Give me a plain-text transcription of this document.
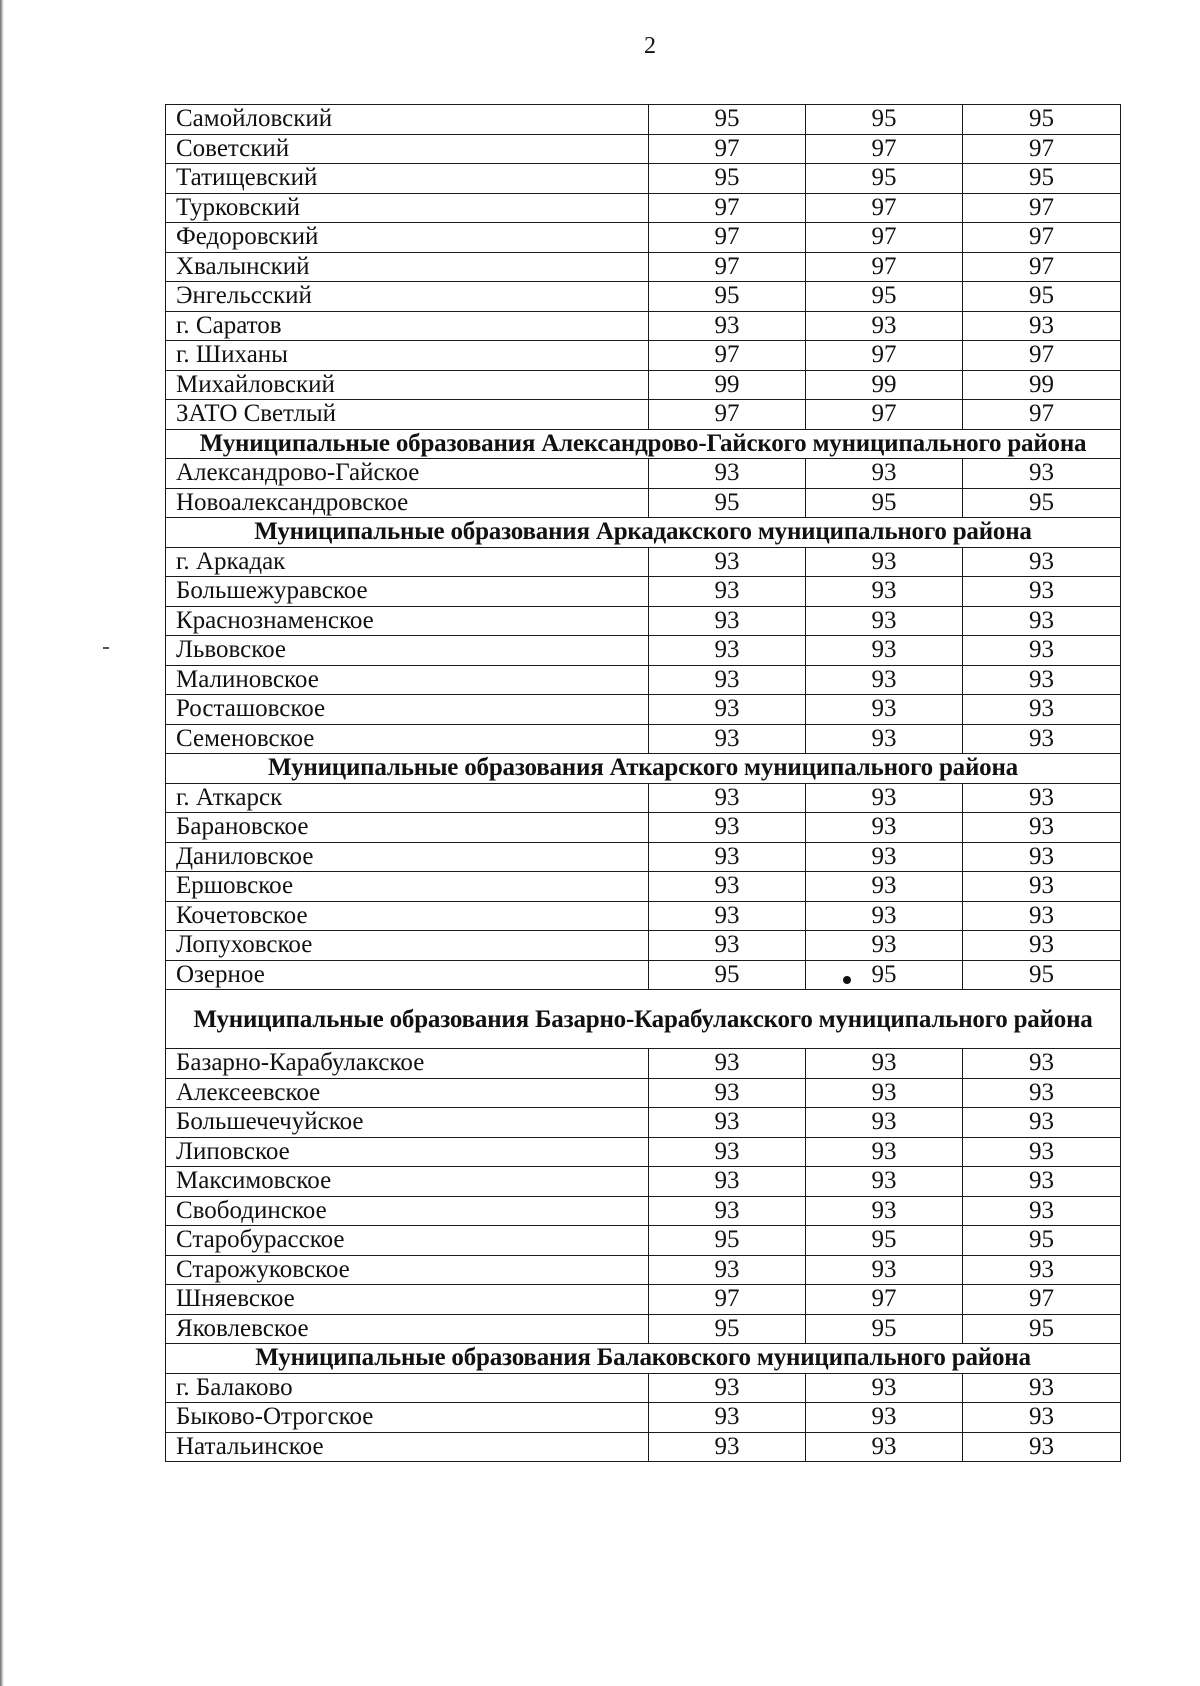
2
Самойловский	95	95	95
Советский	97	97	97
Татищевский	95	95	95
Турковский	97	97	97
Федоровский	97	97	97
Хвалынский	97	97	97
Энгельсский	95	95	95
г. Саратов	93	93	93
г. Шиханы	97	97	97
Михайловский	99	99	99
ЗАТО Светлый	97	97	97
Муниципальные образования Александрово-Гайского муниципального района			
Александрово-Гайское	93	93	93
Новоалександровское	95	95	95
Муниципальные образования Аркадакского муниципального района			
г. Аркадак	93	93	93
Большежуравское	93	93	93
Краснознаменское	93	93	93
Львовское	93	93	93
Малиновское	93	93	93
Росташовское	93	93	93
Семеновское	93	93	93
Муниципальные образования Аткарского муниципального района			
г. Аткарск	93	93	93
Барановское	93	93	93
Даниловское	93	93	93
Ершовское	93	93	93
Кочетовское	93	93	93
Лопуховское	93	93	93
Озерное	95	95	95
Муниципальные образования Базарно-Карабулакского муниципального района			
Базарно-Карабулакское	93	93	93
Алексеевское	93	93	93
Большечечуйское	93	93	93
Липовское	93	93	93
Максимовское	93	93	93
Свободинское	93	93	93
Старобурасское	95	95	95
Старожуковское	93	93	93
Шняевское	97	97	97
Яковлевское	95	95	95
Муниципальные образования Балаковского муниципального района			
г. Балаково	93	93	93
Быково-Отрогское	93	93	93
Натальинское	93	93	93
